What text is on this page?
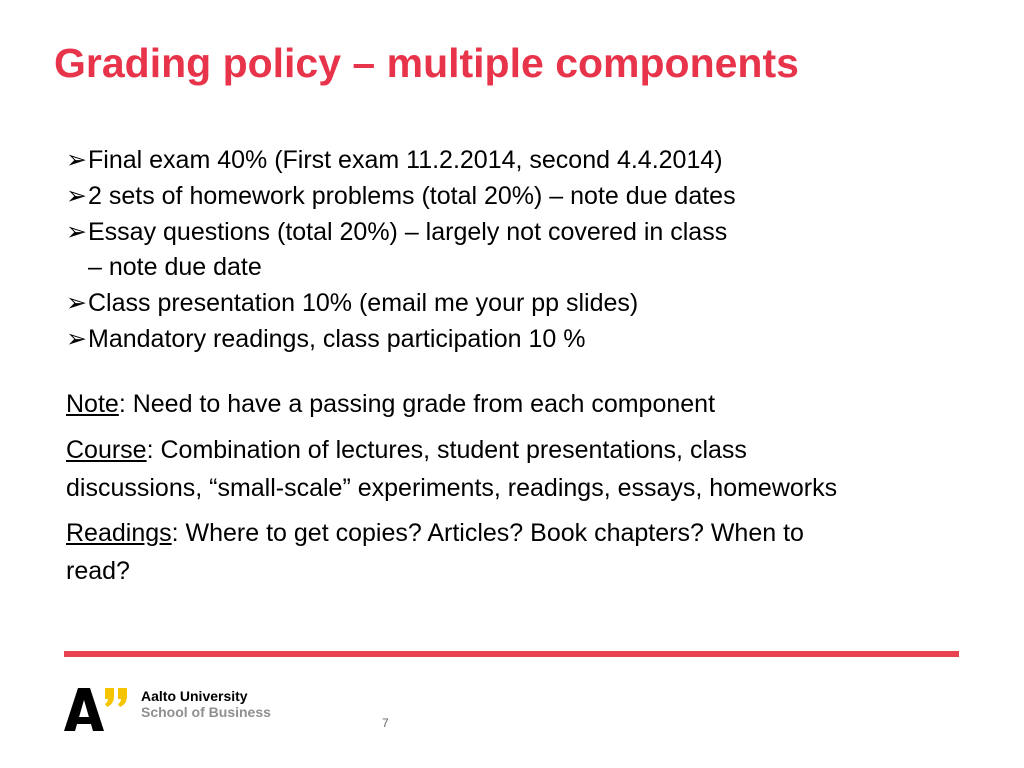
Grading policy – multiple components
➢Final exam 40% (First exam 11.2.2014, second 4.4.2014)
➢2 sets of homework problems (total 20%) – note due dates
➢Essay questions (total 20%) – largely not covered in class
– note due date
➢Class presentation 10% (email me your pp slides)
➢Mandatory readings, class participation 10 %
Note: Need to have a passing grade from each component
Course: Combination of lectures, student presentations, class
discussions, “small-scale” experiments, readings, essays, homeworks
Readings: Where to get copies? Articles? Book chapters? When to
read?
Aalto University
School of Business
7
